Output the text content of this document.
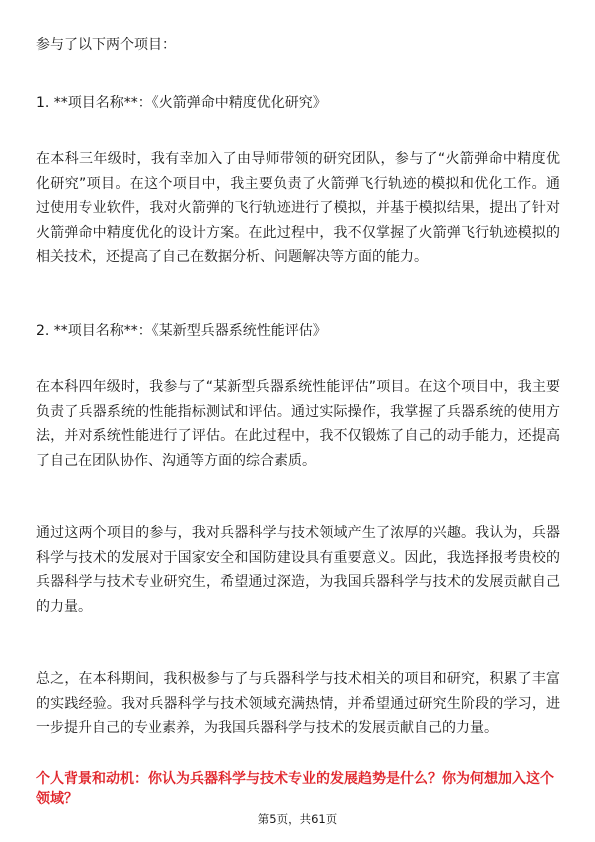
参与了以下两个项目：

1. **项目名称**：《火箭弹命中精度优化研究》

在本科三年级时，我有幸加入了由导师带领的研究团队，参与了“火箭弹命中精度优化研究”项目。在这个项目中，我主要负责了火箭弹飞行轨迹的模拟和优化工作。通过使用专业软件，我对火箭弹的飞行轨迹进行了模拟，并基于模拟结果，提出了针对火箭弹命中精度优化的设计方案。在此过程中，我不仅掌握了火箭弹飞行轨迹模拟的相关技术，还提高了自己在数据分析、问题解决等方面的能力。

2. **项目名称**：《某新型兵器系统性能评估》

在本科四年级时，我参与了“某新型兵器系统性能评估”项目。在这个项目中，我主要负责了兵器系统的性能指标测试和评估。通过实际操作，我掌握了兵器系统的使用方法，并对系统性能进行了评估。在此过程中，我不仅锻炼了自己的动手能力，还提高了自己在团队协作、沟通等方面的综合素质。

通过这两个项目的参与，我对兵器科学与技术领域产生了浓厚的兴趣。我认为，兵器科学与技术的发展对于国家安全和国防建设具有重要意义。因此，我选择报考贵校的兵器科学与技术专业研究生，希望通过深造，为我国兵器科学与技术的发展贡献自己的力量。

总之，在本科期间，我积极参与了与兵器科学与技术相关的项目和研究，积累了丰富的实践经验。我对兵器科学与技术领域充满热情，并希望通过研究生阶段的学习，进一步提升自己的专业素养，为我国兵器科学与技术的发展贡献自己的力量。

个人背景和动机：你认为兵器科学与技术专业的发展趋势是什么？你为何想加入这个领域？

第5页，共61页
